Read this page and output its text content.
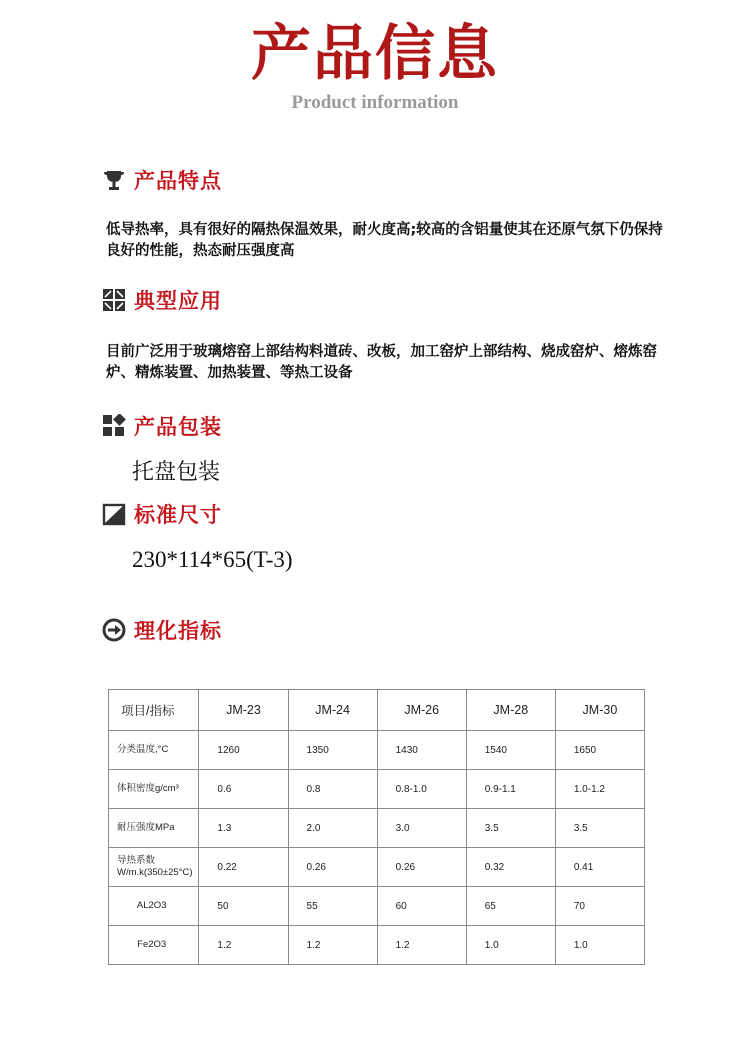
产品信息
Product information
产品特点
低导热率，具有很好的隔热保温效果，耐火度高;较高的含铝量使其在还原气氛下仍保持良好的性能，热态耐压强度高
典型应用
目前广泛用于玻璃熔窑上部结构料道砖、改板，加工窑炉上部结构、烧成窑炉、熔炼窑炉、精炼装置、加热装置、等热工设备
产品包装
托盘包装
标准尺寸
230*114*65(T-3)
理化指标
项目/指标	JM-23	JM-24	JM-26	JM-28	JM-30
分类温度,°C	1260	1350	1430	1540	1650
体积密度g/cm³	0.6	0.8	0.8-1.0	0.9-1.1	1.0-1.2
耐压强度MPa	1.3	2.0	3.0	3.5	3.5
导热系数 W/m.k(350±25°C)	0.22	0.26	0.26	0.32	0.41
AL2O3	50	55	60	65	70
Fe2O3	1.2	1.2	1.2	1.0	1.0
